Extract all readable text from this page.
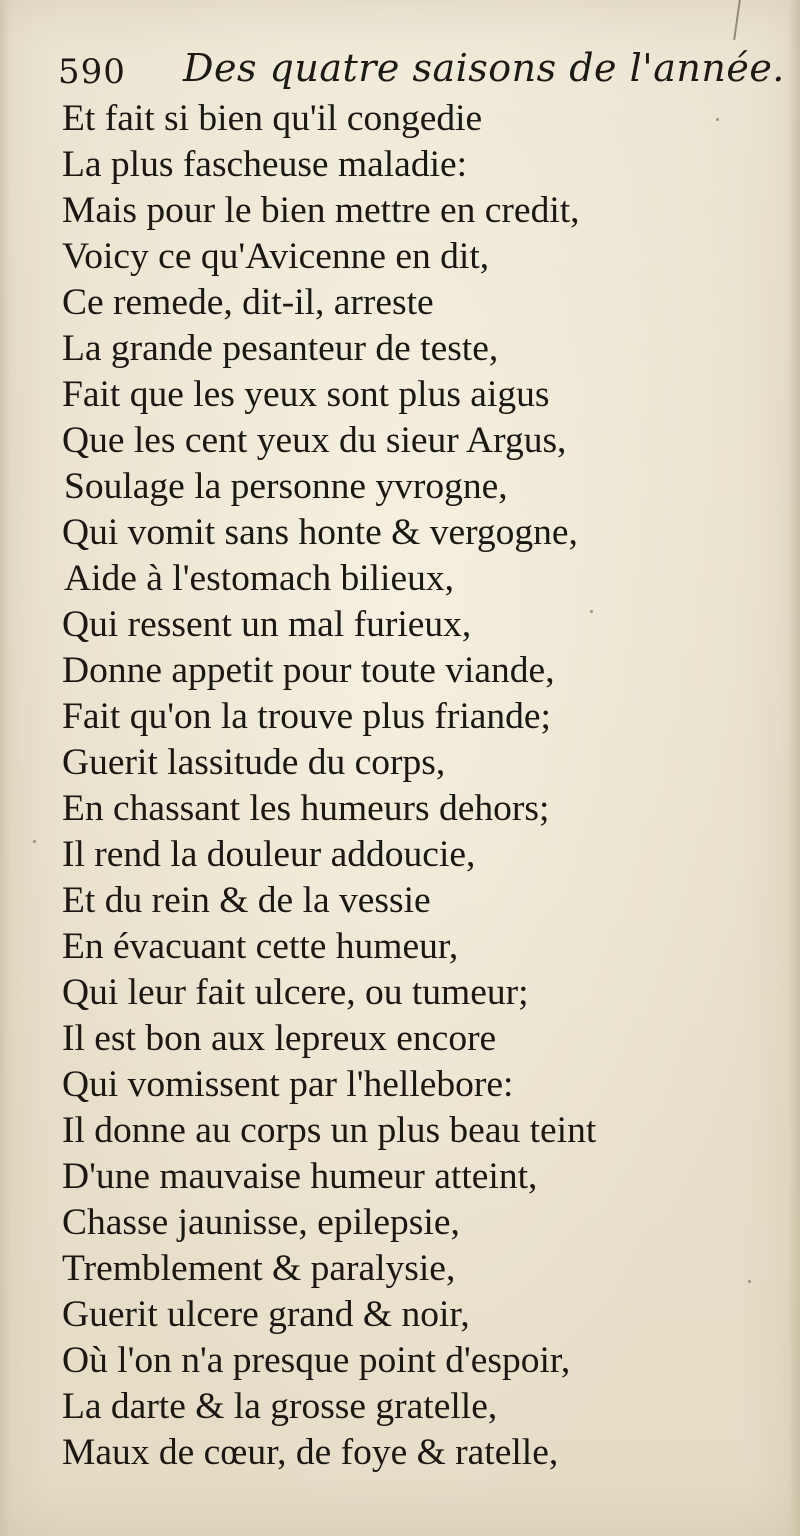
590 Des quatre saisons de l'année.
Et fait si bien qu'il congedie
La plus fascheuse maladie:
Mais pour le bien mettre en credit,
Voicy ce qu'Avicenne en dit,
Ce remede, dit-il, arreste
La grande pesanteur de teste,
Fait que les yeux sont plus aigus
Que les cent yeux du sieur Argus,
Soulage la personne yvrogne,
Qui vomit sans honte & vergogne,
Aide à l'estomach bilieux,
Qui ressent un mal furieux,
Donne appetit pour toute viande,
Fait qu'on la trouve plus friande;
Guerit lassitude du corps,
En chassant les humeurs dehors;
Il rend la douleur addoucie,
Et du rein & de la vessie
En évacuant cette humeur,
Qui leur fait ulcere, ou tumeur;
Il est bon aux lepreux encore
Qui vomissent par l'hellebore:
Il donne au corps un plus beau teint
D'une mauvaise humeur atteint,
Chasse jaunisse, epilepsie,
Tremblement & paralysie,
Guerit ulcere grand & noir,
Où l'on n'a presque point d'espoir,
La darte & la grosse gratelle,
Maux de cœur, de foye & ratelle,
